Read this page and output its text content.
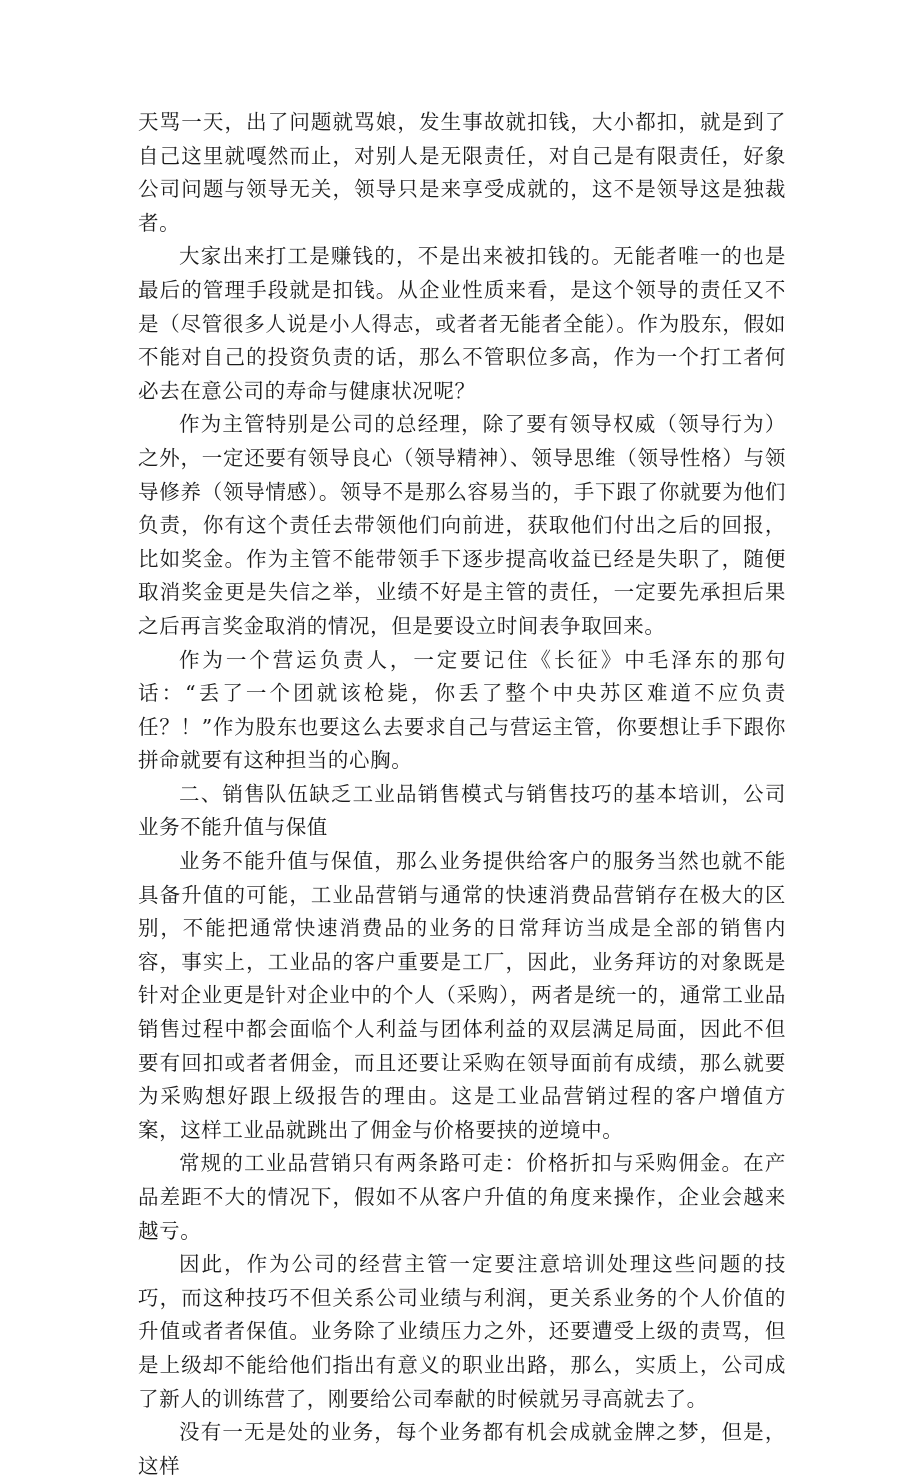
天骂一天，出了问题就骂娘，发生事故就扣钱，大小都扣，就是到了自己这里就嘎然而止，对别人是无限责任，对自己是有限责任，好象公司问题与领导无关，领导只是来享受成就的，这不是领导这是独裁者。

大家出来打工是赚钱的，不是出来被扣钱的。无能者唯一的也是最后的管理手段就是扣钱。从企业性质来看，是这个领导的责任又不是（尽管很多人说是小人得志，或者者无能者全能）。作为股东，假如不能对自己的投资负责的话，那么不管职位多高，作为一个打工者何必去在意公司的寿命与健康状况呢？

作为主管特别是公司的总经理，除了要有领导权威（领导行为）之外，一定还要有领导良心（领导精神）、领导思维（领导性格）与领导修养（领导情感）。领导不是那么容易当的，手下跟了你就要为他们负责，你有这个责任去带领他们向前进，获取他们付出之后的回报，比如奖金。作为主管不能带领手下逐步提高收益已经是失职了，随便取消奖金更是失信之举，业绩不好是主管的责任，一定要先承担后果之后再言奖金取消的情况，但是要设立时间表争取回来。

作为一个营运负责人，一定要记住《长征》中毛泽东的那句话：“丢了一个团就该枪毙，你丢了整个中央苏区难道不应负责任？！”作为股东也要这么去要求自己与营运主管，你要想让手下跟你拼命就要有这种担当的心胸。

二、销售队伍缺乏工业品销售模式与销售技巧的基本培训，公司业务不能升值与保值

业务不能升值与保值，那么业务提供给客户的服务当然也就不能具备升值的可能，工业品营销与通常的快速消费品营销存在极大的区别，不能把通常快速消费品的业务的日常拜访当成是全部的销售内容，事实上，工业品的客户重要是工厂，因此，业务拜访的对象既是针对企业更是针对企业中的个人（采购），两者是统一的，通常工业品销售过程中都会面临个人利益与团体利益的双层满足局面，因此不但要有回扣或者者佣金，而且还要让采购在领导面前有成绩，那么就要为采购想好跟上级报告的理由。这是工业品营销过程的客户增值方案，这样工业品就跳出了佣金与价格要挟的逆境中。

常规的工业品营销只有两条路可走：价格折扣与采购佣金。在产品差距不大的情况下，假如不从客户升值的角度来操作，企业会越来越亏。

因此，作为公司的经营主管一定要注意培训处理这些问题的技巧，而这种技巧不但关系公司业绩与利润，更关系业务的个人价值的升值或者者保值。业务除了业绩压力之外，还要遭受上级的责骂，但是上级却不能给他们指出有意义的职业出路，那么，实质上，公司成了新人的训练营了，刚要给公司奉献的时候就另寻高就去了。

没有一无是处的业务，每个业务都有机会成就金牌之梦，但是，这样
